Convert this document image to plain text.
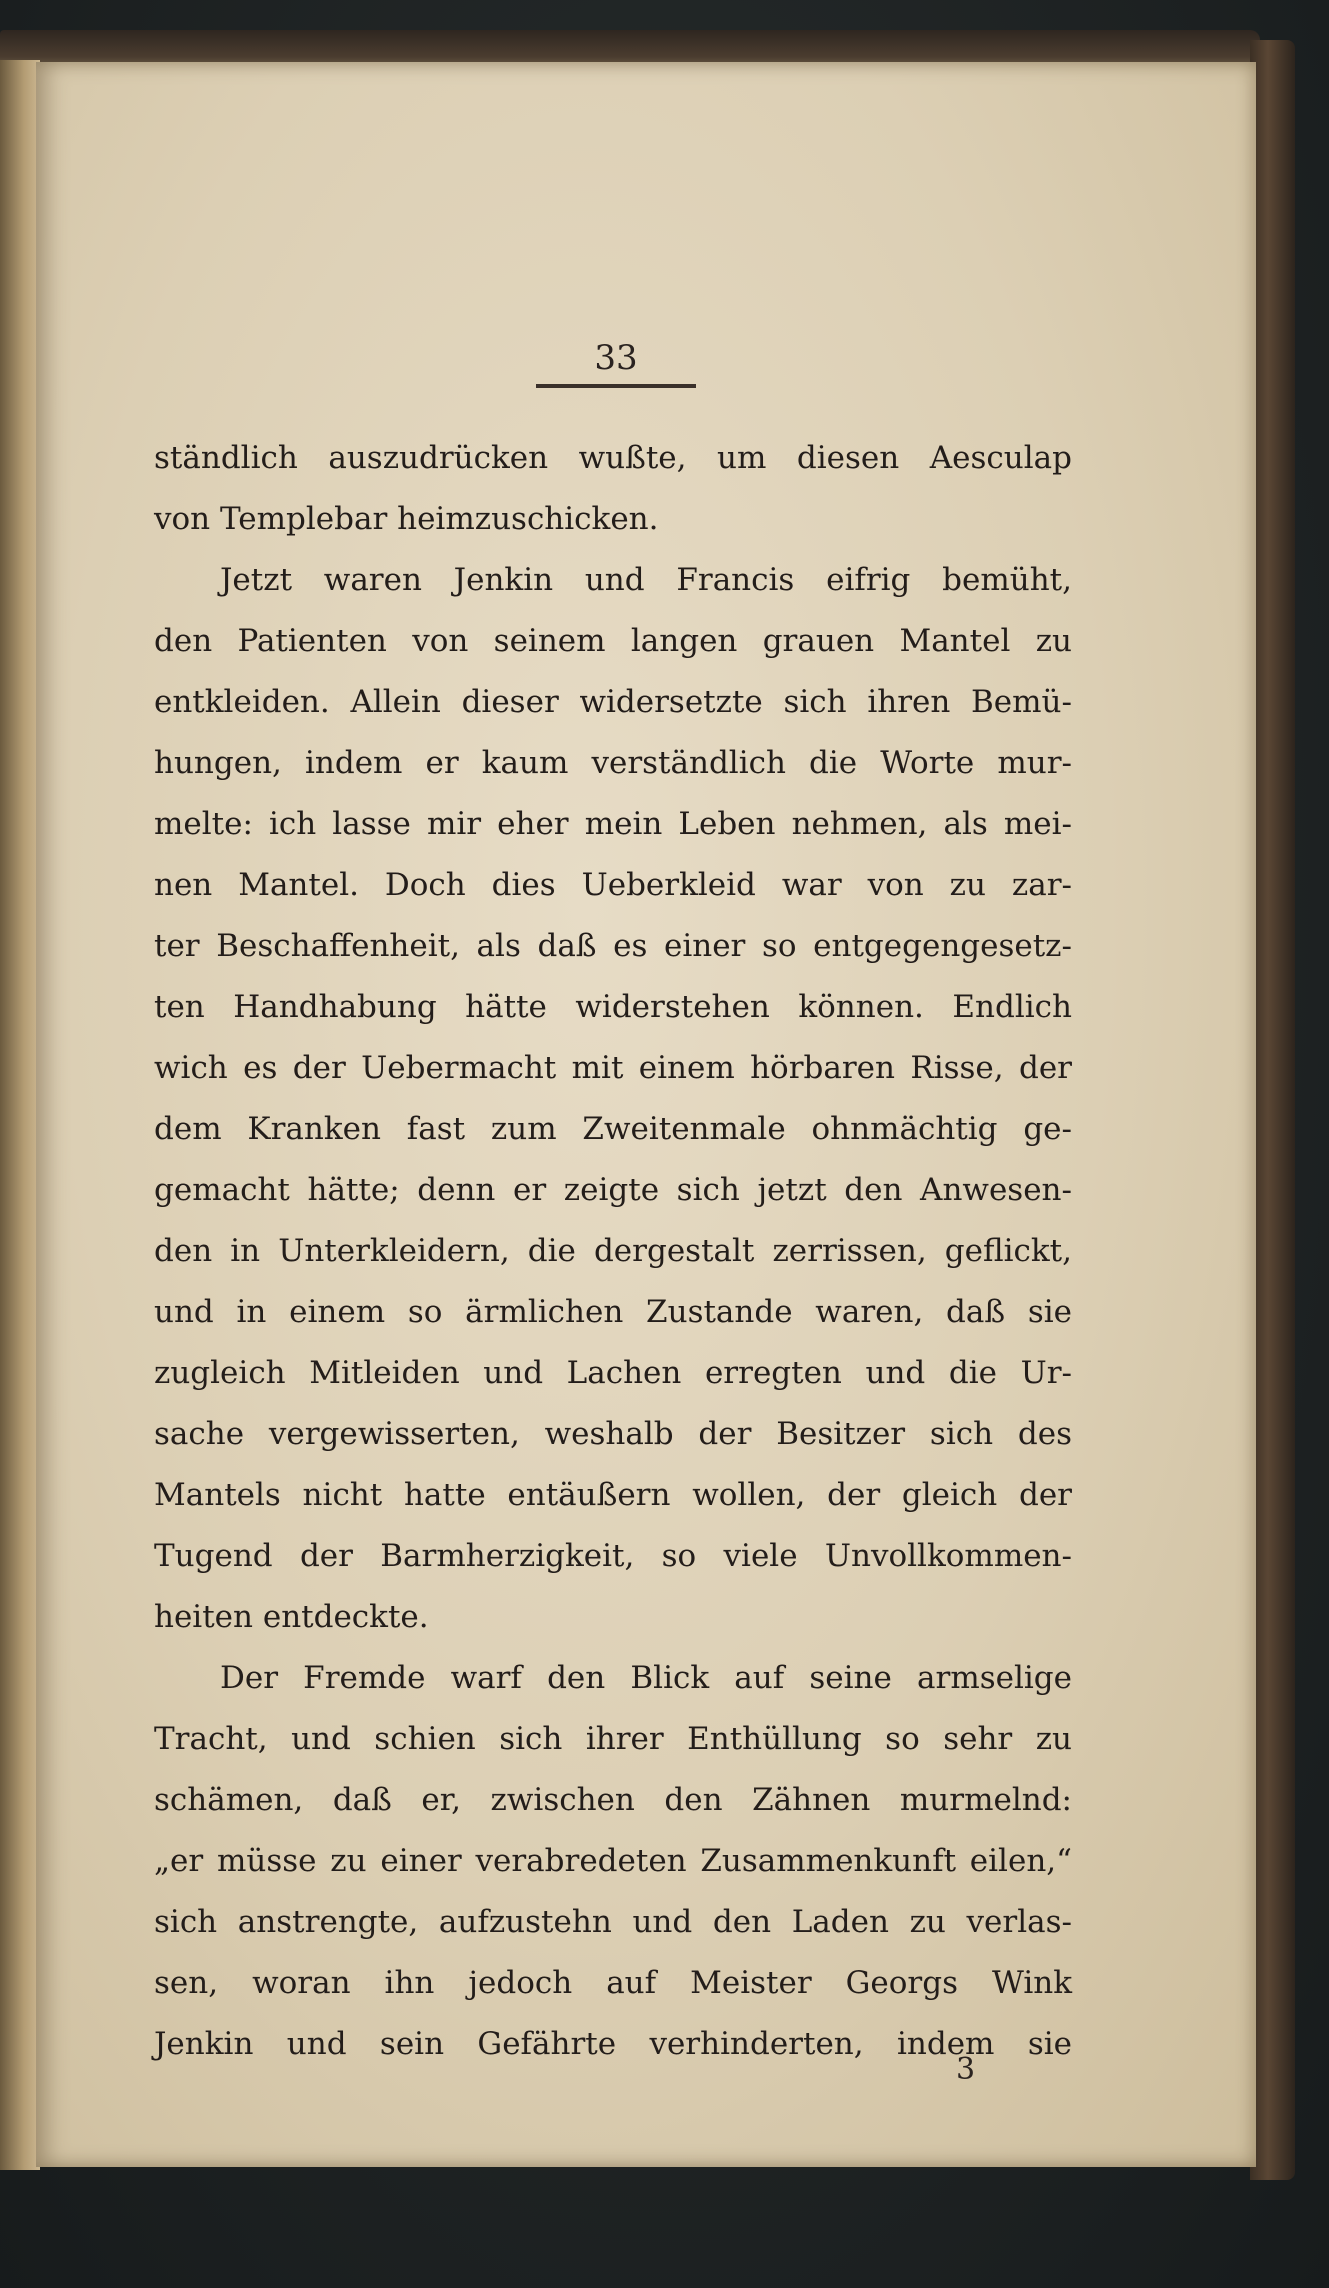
33
ständlich auszudrücken wußte, um diesen Aesculap
von Templebar heimzuschicken.
Jetzt waren Jenkin und Francis eifrig bemüht,
den Patienten von seinem langen grauen Mantel zu
entkleiden. Allein dieser widersetzte sich ihren Bemü-
hungen, indem er kaum verständlich die Worte mur-
melte: ich lasse mir eher mein Leben nehmen, als mei-
nen Mantel. Doch dies Ueberkleid war von zu zar-
ter Beschaffenheit, als daß es einer so entgegengesetz-
ten Handhabung hätte widerstehen können. Endlich
wich es der Uebermacht mit einem hörbaren Risse, der
dem Kranken fast zum Zweitenmale ohnmächtig ge-
gemacht hätte; denn er zeigte sich jetzt den Anwesen-
den in Unterkleidern, die dergestalt zerrissen, geflickt,
und in einem so ärmlichen Zustande waren, daß sie
zugleich Mitleiden und Lachen erregten und die Ur-
sache vergewisserten, weshalb der Besitzer sich des
Mantels nicht hatte entäußern wollen, der gleich der
Tugend der Barmherzigkeit, so viele Unvollkommen-
heiten entdeckte.
Der Fremde warf den Blick auf seine armselige
Tracht, und schien sich ihrer Enthüllung so sehr zu
schämen, daß er, zwischen den Zähnen murmelnd:
„er müsse zu einer verabredeten Zusammenkunft eilen,“
sich anstrengte, aufzustehn und den Laden zu verlas-
sen, woran ihn jedoch auf Meister Georgs Wink
Jenkin und sein Gefährte verhinderten, indem sie
3
